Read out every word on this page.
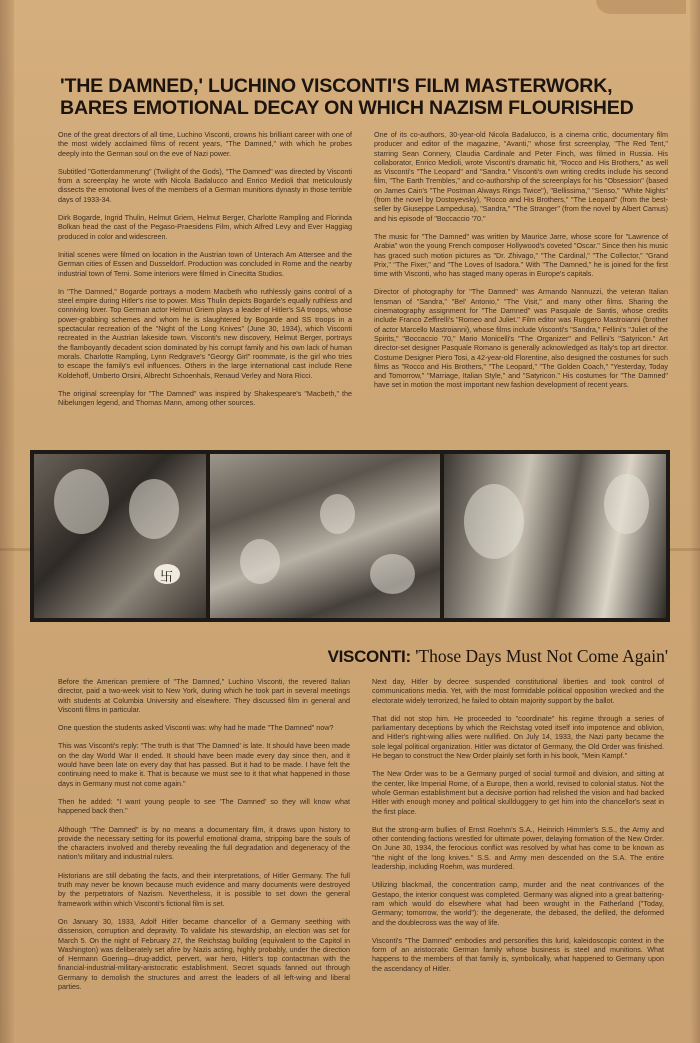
'THE DAMNED,' LUCHINO VISCONTI'S FILM MASTERWORK, BARES EMOTIONAL DECAY ON WHICH NAZISM FLOURISHED

One of the great directors of all time, Luchino Visconti, crowns his brilliant career with one of the most widely acclaimed films of recent years, "The Damned," with which he probes deeply into the German soul on the eve of Nazi power.

Subtitled "Gotterdammerung" (Twilight of the Gods), "The Damned" was directed by Visconti from a screenplay he wrote with Nicola Badalucco and Enrico Medioli that meticulously dissects the emotional lives of the members of a German munitions dynasty in those terrible days of 1933-34.

Dirk Bogarde, Ingrid Thulin, Helmut Griem, Helmut Berger, Charlotte Rampling and Florinda Bolkan head the cast of the Pegaso-Praesidens Film, which Alfred Levy and Ever Haggiag produced in color and widescreen.

Initial scenes were filmed on location in the Austrian town of Unterach Am Attersee and the German cities of Essen and Dusseldorf. Production was concluded in Rome and the nearby industrial town of Terni. Some interiors were filmed in Cinecitta Studios.

In "The Damned," Bogarde portrays a modern Macbeth who ruthlessly gains control of a steel empire during Hitler's rise to power. Miss Thulin depicts Bogarde's equally ruthless and conniving lover. Top German actor Helmut Griem plays a leader of Hitler's SA troops, whose power-grabbing schemes and whom he is slaughtered by Bogarde and SS troops in a spectacular recreation of the "Night of the Long Knives" (June 30, 1934), which Visconti recreated in the Austrian lakeside town. Visconti's new discovery, Helmut Berger, portrays the flamboyantly decadent scion dominated by his corrupt family and his own lack of human morals. Charlotte Rampling, Lynn Redgrave's "Georgy Girl" roommate, is the girl who tries to escape the family's evil influences. Others in the large international cast include Rene Koldehoff, Umberto Orsini, Albrecht Schoenhals, Renaud Verley and Nora Ricci.

The original screenplay for "The Damned" was inspired by Shakespeare's "Macbeth," the Nibelungen legend, and Thomas Mann, among other sources.

One of its co-authors, 30-year-old Nicola Badalucco, is a cinema critic, documentary film producer and editor of the magazine, "Avanti," whose first screenplay, "The Red Tent," starring Sean Connery, Claudia Cardinale and Peter Finch, was filmed in Russia. His collaborator, Enrico Medioli, wrote Visconti's dramatic hit, "Rocco and His Brothers," as well as Visconti's "The Leopard" and "Sandra." Visconti's own writing credits include his second film, "The Earth Trembles," and co-authorship of the screenplays for his "Obsession" (based on James Cain's "The Postman Always Rings Twice"), "Bellissima," "Senso," "White Nights" (from the novel by Dostoyevsky), "Rocco and His Brothers," "The Leopard" (from the best-seller by Giuseppe Lampedusa), "Sandra," "The Stranger" (from the novel by Albert Camus) and his episode of "Boccaccio '70."

The music for "The Damned" was written by Maurice Jarre, whose score for "Lawrence of Arabia" won the young French composer Hollywood's coveted "Oscar." Since then his music has graced such motion pictures as "Dr. Zhivago," "The Cardinal," "The Collector," "Grand Prix," "The Fixer," and "The Loves of Isadora." With "The Damned," he is joined for the first time with Visconti, who has staged many operas in Europe's capitals.

Director of photography for "The Damned" was Armando Nannuzzi, the veteran Italian lensman of "Sandra," "Bel' Antonio," "The Visit," and many other films. Sharing the cinematography assignment for "The Damned" was Pasquale de Santis, whose credits include Franco Zeffirelli's "Romeo and Juliet." Film editor was Ruggero Mastroianni (brother of actor Marcello Mastroianni), whose films include Visconti's "Sandra," Fellini's "Juliet of the Spirits," "Boccaccio '70," Mario Monicelli's "The Organizer" and Fellini's "Satyricon." Art director-set designer Pasquale Romano is generally acknowledged as Italy's top art director. Costume Designer Piero Tosi, a 42-year-old Florentine, also designed the costumes for such films as "Rocco and His Brothers," "The Leopard," "The Golden Coach," "Yesterday, Today and Tomorrow," "Marriage, Italian Style," and "Satyricon." His costumes for "The Damned" have set in motion the most important new fashion development of recent years.

卐
VISCONTI: 'Those Days Must Not Come Again'

Before the American premiere of "The Damned," Luchino Visconti, the revered Italian director, paid a two-week visit to New York, during which he took part in several meetings with students at Columbia University and elsewhere. They discussed film in general and Visconti films in particular.

One question the students asked Visconti was: why had he made "The Damned" now?

This was Visconti's reply: "The truth is that 'The Damned' is late. It should have been made on the day World War II ended. It should have been made every day since then, and it would have been late on every day that has passed. But it had to be made. I have felt the continuing need to make it. That is because we must see to it that what happened in those days in Germany must not come again."

Then he added: "I want young people to see 'The Damned' so they will know what happened back then."

Although "The Damned" is by no means a documentary film, it draws upon history to provide the necessary setting for its powerful emotional drama, stripping bare the souls of the characters involved and thereby revealing the full degradation and degeneracy of the nation's military and industrial rulers.

Historians are still debating the facts, and their interpretations, of Hitler Germany. The full truth may never be known because much evidence and many documents were destroyed by the perpetrators of Nazism. Nevertheless, it is possible to set down the general framework within which Visconti's fictional film is set.

On January 30, 1933, Adolf Hitler became chancellor of a Germany seething with dissension, corruption and depravity. To validate his stewardship, an election was set for March 5. On the night of February 27, the Reichstag building (equivalent to the Capitol in Washington) was deliberately set afire by Nazis acting, highly probably, under the direction of Hermann Goering—drug-addict, pervert, war hero, Hitler's top contactman with the financial-industrial-military-aristocratic establishment. Secret squads fanned out through Germany to demolish the structures and arrest the leaders of all left-wing and liberal parties.

Next day, Hitler by decree suspended constitutional liberties and took control of communications media. Yet, with the most formidable political opposition wrecked and the electorate widely terrorized, he failed to obtain majority support by the ballot.

That did not stop him. He proceeded to "coordinate" his regime through a series of parliamentary deceptions by which the Reichstag voted itself into impotence and oblivion, and Hitler's right-wing allies were nullified. On July 14, 1933, the Nazi party became the sole legal political organization. Hitler was dictator of Germany, the Old Order was finished. He began to construct the New Order plainly set forth in his book, "Mein Kampf."

The New Order was to be a Germany purged of social turmoil and division, and sitting at the center, like Imperial Rome, of a Europe, then a world, revised to colonial status. Not the whole German establishment but a decisive portion had relished the vision and had backed Hitler with enough money and political skullduggery to get him into the chancellor's seat in the first place.

But the strong-arm bullies of Ernst Roehm's S.A., Heinrich Himmler's S.S., the Army and other contending factions wrestled for ultimate power, delaying formation of the New Order. On June 30, 1934, the ferocious conflict was resolved by what has come to be known as "the night of the long knives." S.S. and Army men descended on the S.A. The entire leadership, including Roehm, was murdered.

Utilizing blackmail, the concentration camp, murder and the neat contrivances of the Gestapo, the interior conquest was completed. Germany was aligned into a great battering-ram which would do elsewhere what had been wrought in the Fatherland ("Today, Germany; tomorrow, the world"): the degenerate, the debased, the defiled, the deformed and the doublecross was the way of life.

Visconti's "The Damned" embodies and personifies this lurid, kaleidoscopic context in the form of an aristocratic German family whose business is steel and munitions. What happens to the members of that family is, symbolically, what happened to Germany upon the ascendancy of Hitler.
